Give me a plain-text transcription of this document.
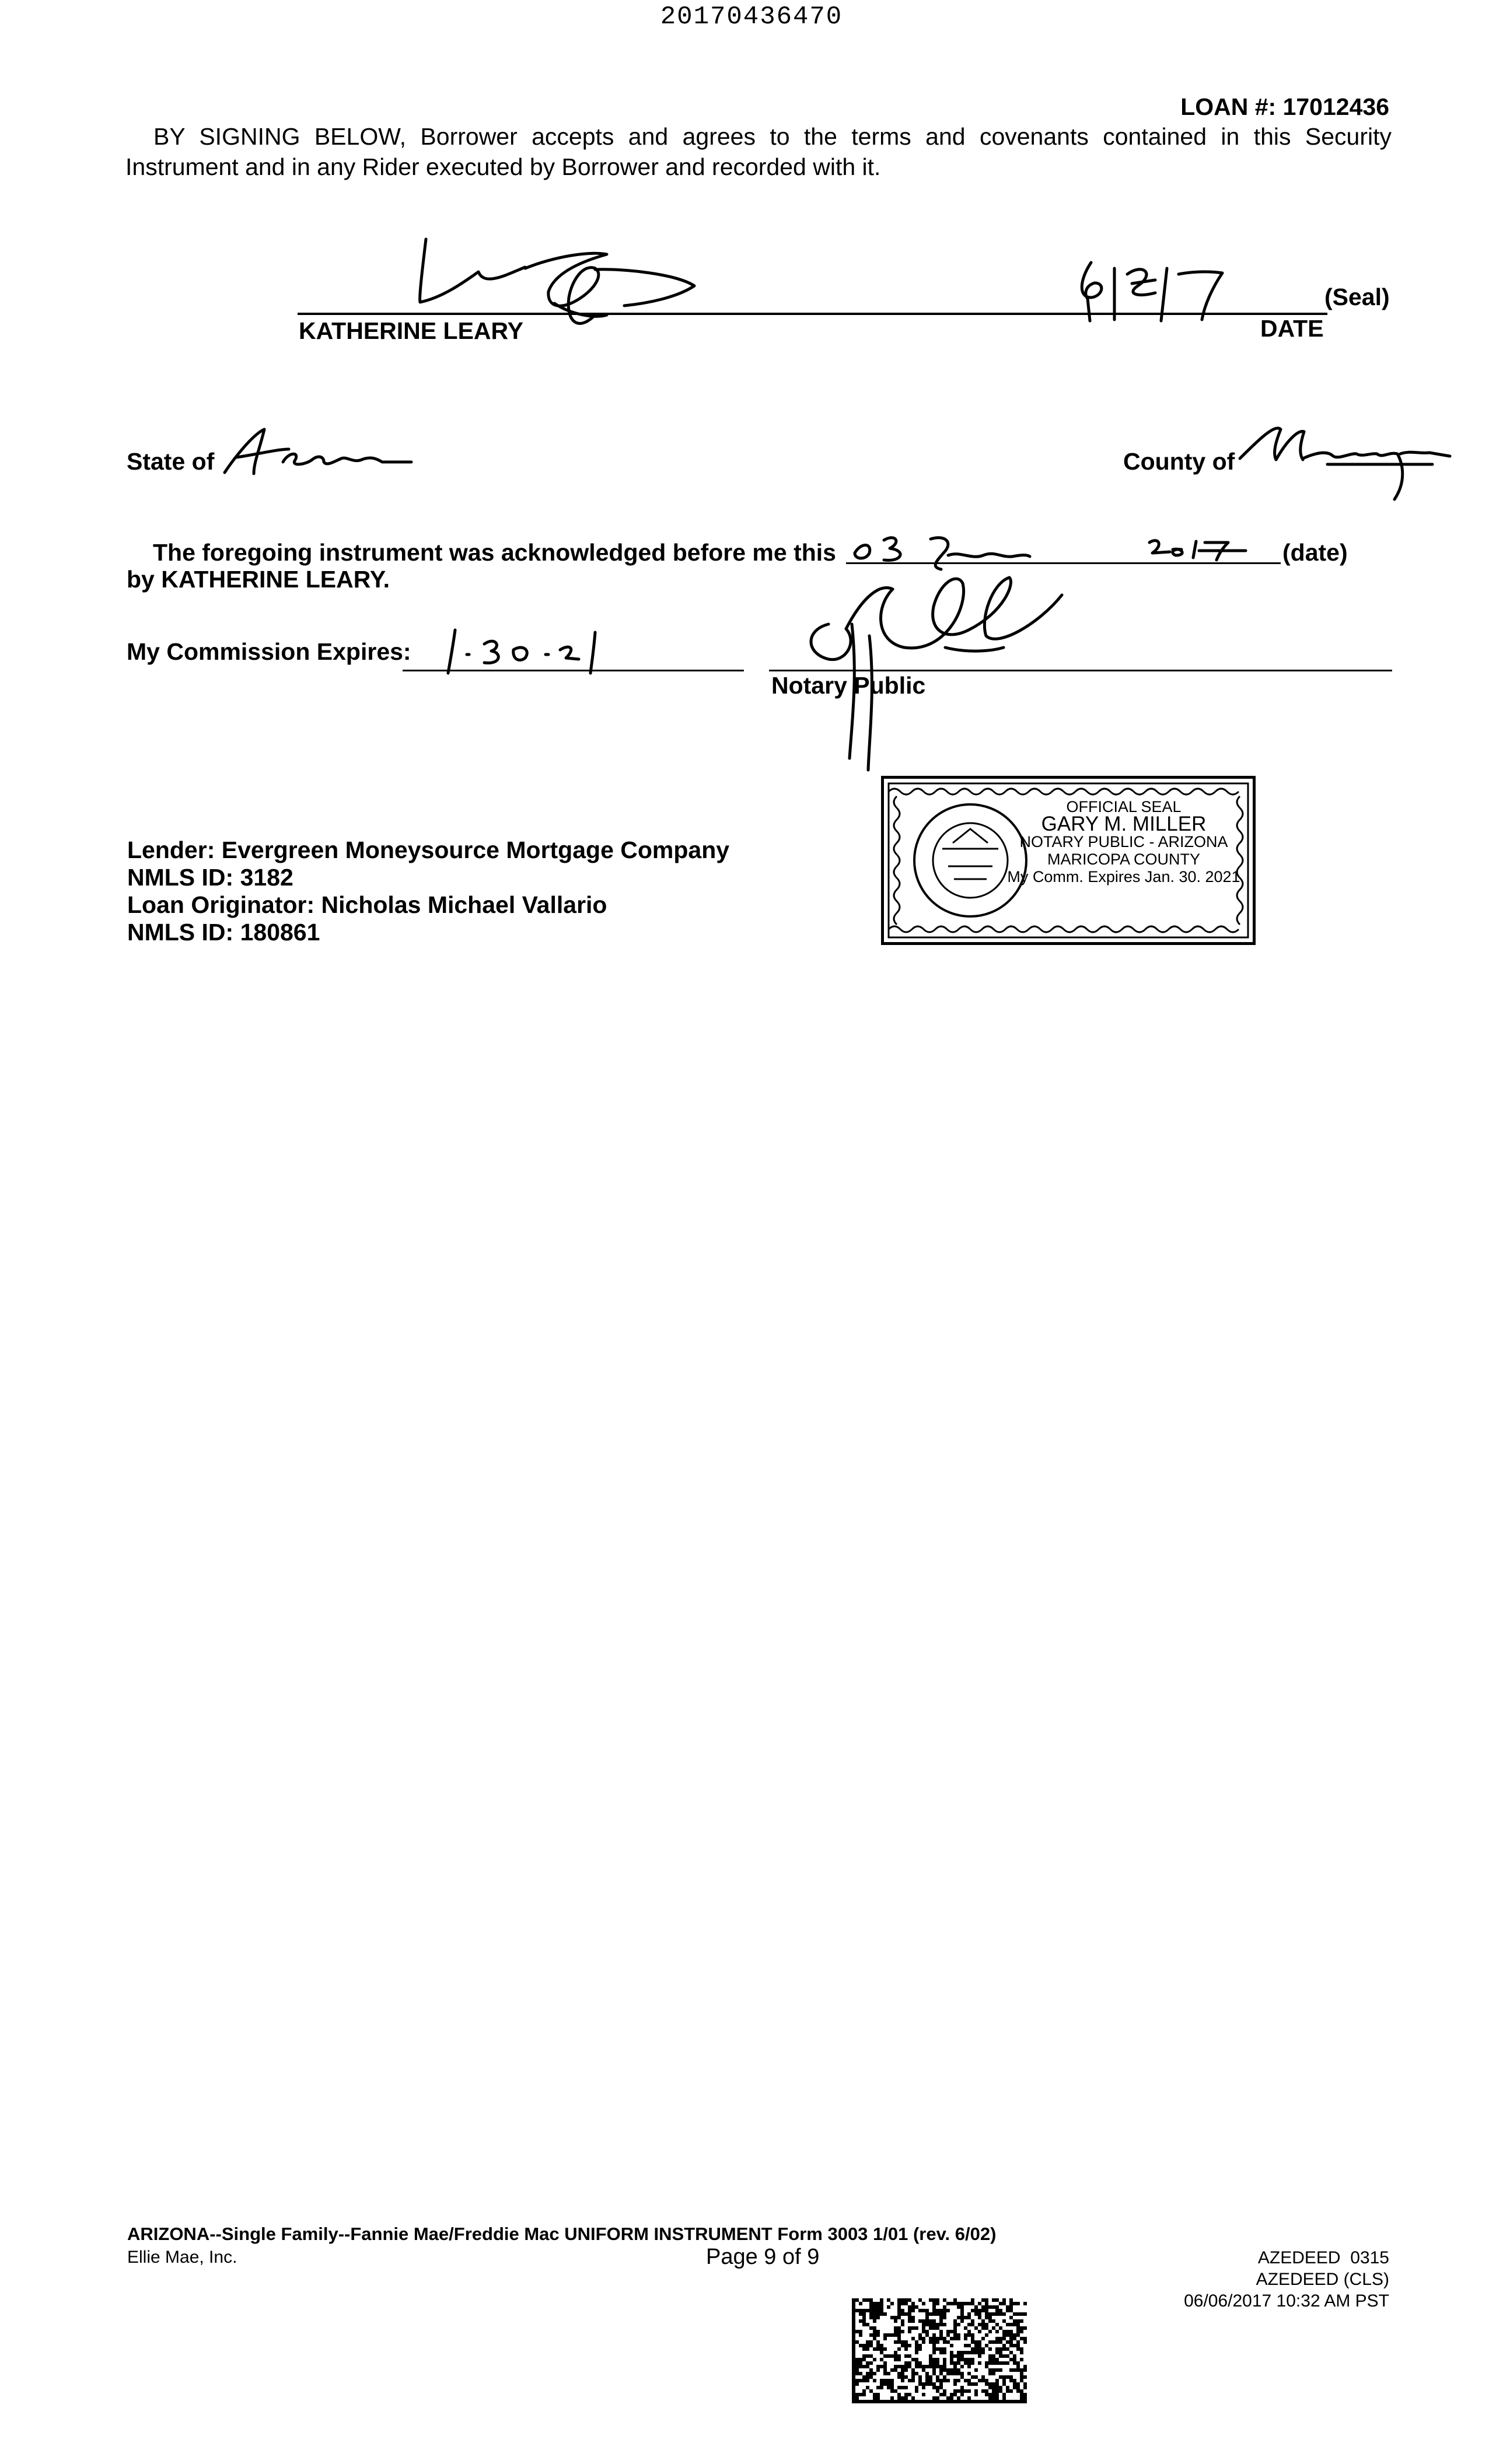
20170436470
LOAN #: 17012436
BY SIGNING BELOW, Borrower accepts and agrees to the terms and covenants contained in this Security Instrument and in any Rider executed by Borrower and recorded with it.
KATHERINE LEARY	DATE
(Seal)
State of	County of
The foregoing instrument was acknowledged before me this	(date)
by KATHERINE LEARY.
My Commission Expires:
Notary Public
OFFICIAL SEAL
GARY M. MILLER
NOTARY PUBLIC - ARIZONA
MARICOPA COUNTY
My Comm. Expires Jan. 30. 2021
Lender: Evergreen Moneysource Mortgage Company
NMLS ID: 3182
Loan Originator: Nicholas Michael Vallario
NMLS ID: 180861
ARIZONA--Single Family--Fannie Mae/Freddie Mac UNIFORM INSTRUMENT Form 3003 1/01 (rev. 6/02)
Ellie Mae, Inc.	Page 9 of 9	AZEDEED  0315
AZEDEED (CLS)
06/06/2017 10:32 AM PST
